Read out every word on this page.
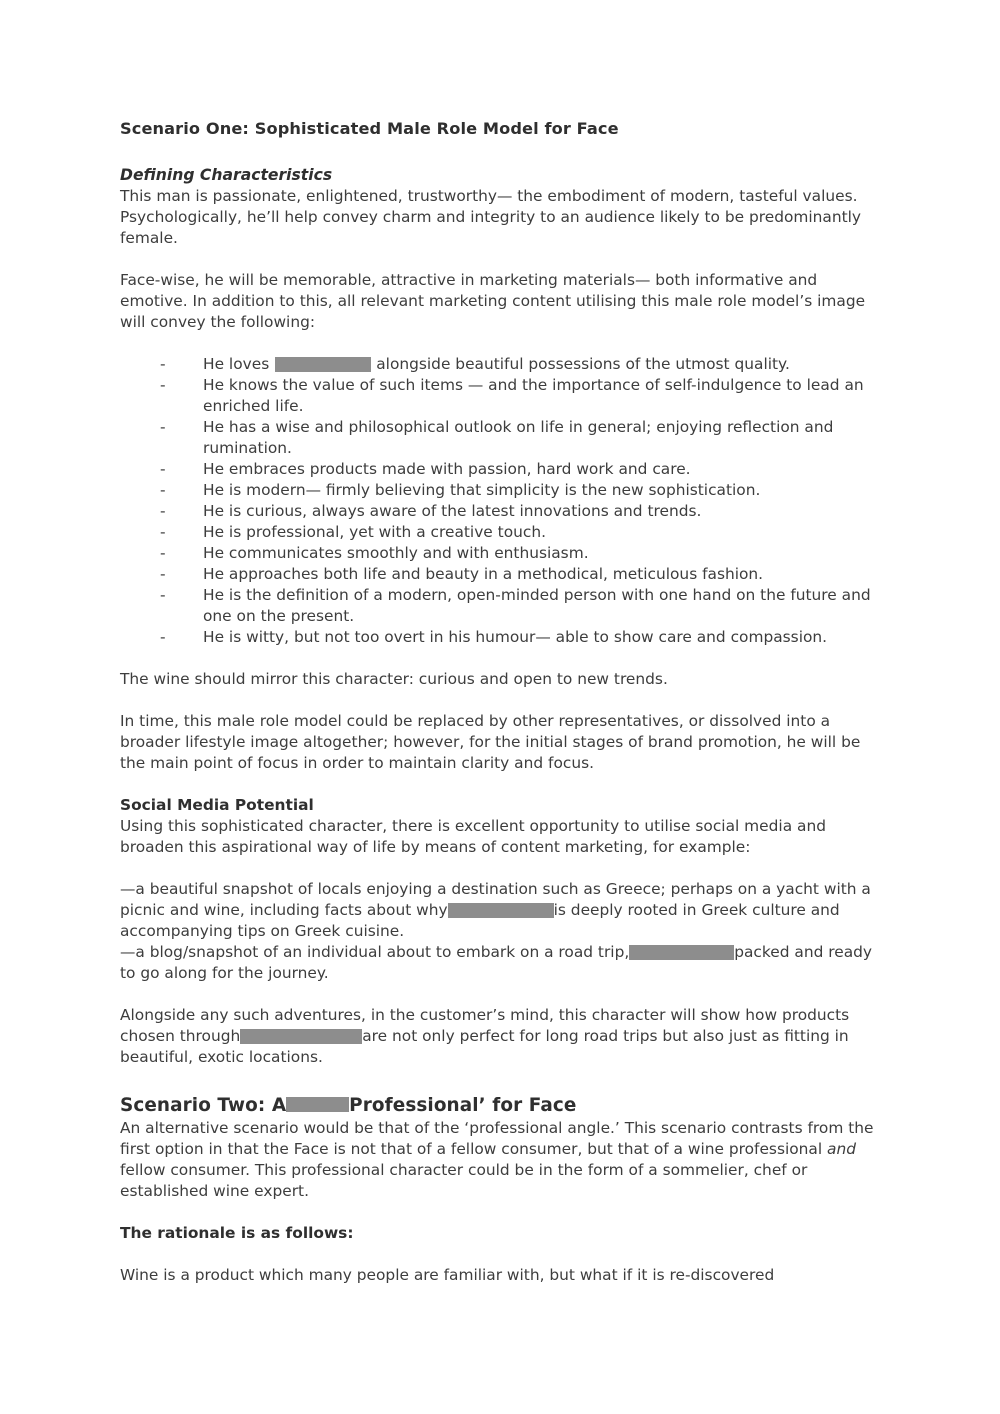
Scenario One: Sophisticated Male Role Model for Face
Defining Characteristics

This man is passionate, enlightened, trustworthy— the embodiment of modern, tasteful values. Psychologically, he’ll help convey charm and integrity to an audience likely to be predominantly female.

Face-wise, he will be memorable, attractive in marketing materials— both informative and emotive. In addition to this, all relevant marketing content utilising this male role model’s image will convey the following:

- He loves	alongside beautiful possessions of the utmost quality.
- He knows the value of such items — and the importance of self-indulgence to lead an enriched life.
- He has a wise and philosophical outlook on life in general; enjoying reflection and rumination.
- He embraces products made with passion, hard work and care.
- He is modern— firmly believing that simplicity is the new sophistication.
- He is curious, always aware of the latest innovations and trends.
- He is professional, yet with a creative touch.
- He communicates smoothly and with enthusiasm.
- He approaches both life and beauty in a methodical, meticulous fashion.
- He is the definition of a modern, open-minded person with one hand on the future and one on the present.
- He is witty, but not too overt in his humour— able to show care and compassion.

The wine should mirror this character: curious and open to new trends.

In time, this male role model could be replaced by other representatives, or dissolved into a broader lifestyle image altogether; however, for the initial stages of brand promotion, he will be the main point of focus in order to maintain clarity and focus.

Social Media Potential

Using this sophisticated character, there is excellent opportunity to utilise social media and broaden this aspirational way of life by means of content marketing, for example:

—a beautiful snapshot of locals enjoying a destination such as Greece; perhaps on a yacht with a picnic and wine, including facts about why	is deeply rooted in Greek culture and accompanying tips on Greek cuisine.

—a blog/snapshot of an individual about to embark on a road trip,	packed and ready to go along for the journey.

Alongside any such adventures, in the customer’s mind, this character will show how products chosen through	are not only perfect for long road trips but also just as fitting in beautiful, exotic locations.

Scenario Two: A	Professional’ for Face

An alternative scenario would be that of the ‘professional angle.’ This scenario contrasts from the first option in that the Face is not that of a fellow consumer, but that of a wine professional and fellow consumer. This professional character could be in the form of a sommelier, chef or established wine expert.

The rationale is as follows:

Wine is a product which many people are familiar with, but what if it is re-discovered
